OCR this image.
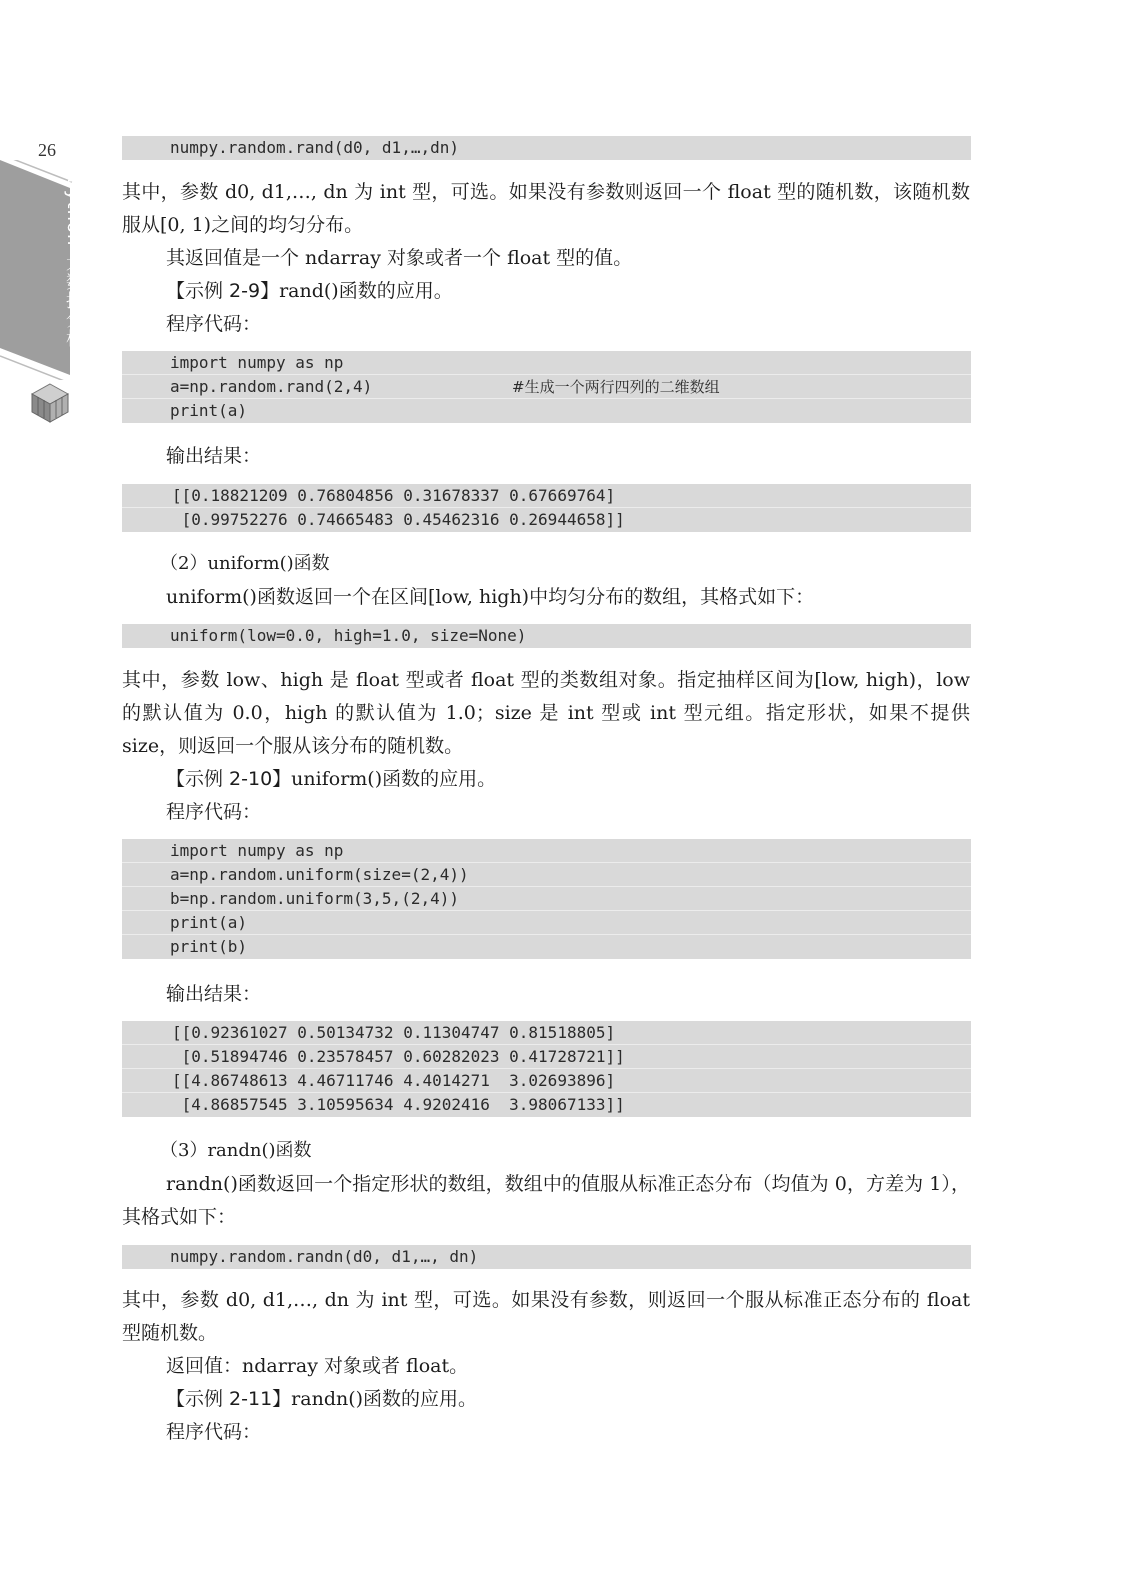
26
Python 大数据分析
numpy.random.rand(d0, d1,…,dn)
其中，参数 d0, d1,…, dn 为 int 型，可选。如果没有参数则返回一个 float 型的随机数，该随机数服从[0, 1)之间的均匀分布。
其返回值是一个 ndarray 对象或者一个 float 型的值。
【示例 2-9】rand()函数的应用。
程序代码：
import numpy as np
a=np.random.rand(2,4)	#生成一个两行四列的二维数组
print(a)
输出结果：
[[0.18821209 0.76804856 0.31678337 0.67669764]
[0.99752276 0.74665483 0.45462316 0.26944658]]
（2）uniform()函数
uniform()函数返回一个在区间[low, high)中均匀分布的数组，其格式如下：
uniform(low=0.0, high=1.0, size=None)
其中，参数 low、high 是 float 型或者 float 型的类数组对象。指定抽样区间为[low, high)，low 的默认值为 0.0，high 的默认值为 1.0；size 是 int 型或 int 型元组。指定形状，如果不提供 size，则返回一个服从该分布的随机数。
【示例 2-10】uniform()函数的应用。
程序代码：
import numpy as np
a=np.random.uniform(size=(2,4))
b=np.random.uniform(3,5,(2,4))
print(a)
print(b)
输出结果：
[[0.92361027 0.50134732 0.11304747 0.81518805]
[0.51894746 0.23578457 0.60282023 0.41728721]]
[[4.86748613 4.46711746 4.4014271  3.02693896]
[4.86857545 3.10595634 4.9202416  3.98067133]]
（3）randn()函数
randn()函数返回一个指定形状的数组，数组中的值服从标准正态分布（均值为 0，方差为 1），其格式如下：
numpy.random.randn(d0, d1,…, dn)
其中，参数 d0, d1,…, dn 为 int 型，可选。如果没有参数，则返回一个服从标准正态分布的 float 型随机数。
返回值：ndarray 对象或者 float。
【示例 2-11】randn()函数的应用。
程序代码：
